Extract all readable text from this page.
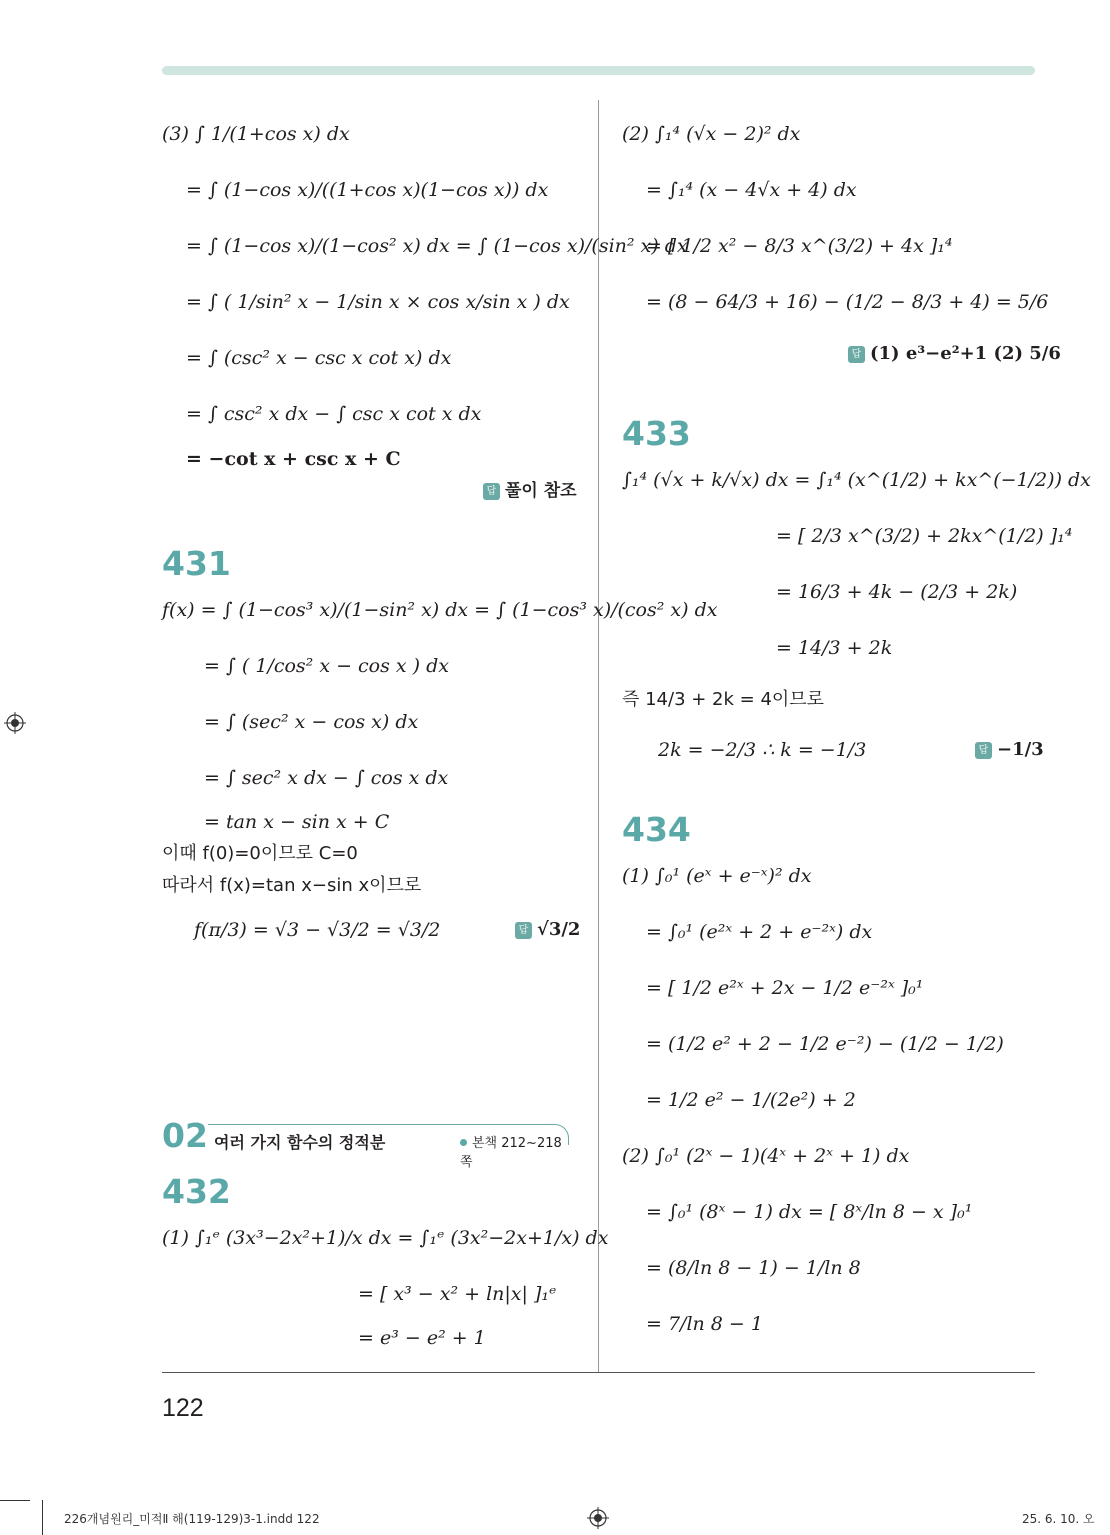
(3) ∫ 1/(1+cos x) dx
= ∫ (1−cos x)/((1+cos x)(1−cos x)) dx
= ∫ (1−cos x)/(1−cos² x) dx = ∫ (1−cos x)/(sin² x) dx
= ∫ ( 1/sin² x − 1/sin x × cos x/sin x ) dx
= ∫ (csc² x − csc x cot x) dx
= ∫ csc² x dx − ∫ csc x cot x dx
= −cot x + csc x + C
답 풀이 참조
431
f(x) = ∫ (1−cos³ x)/(1−sin² x) dx = ∫ (1−cos³ x)/(cos² x) dx
= ∫ ( 1/cos² x − cos x ) dx
= ∫ (sec² x − cos x) dx
= ∫ sec² x dx − ∫ cos x dx
= tan x − sin x + C
이때 f(0)=0이므로 C=0
따라서 f(x)=tan x−sin x이므로
f(π/3) = √3 − √3/2 = √3/2	답 √3/2
02 여러 가지 함수의 정적분	본책 212~218쪽
432
(1) ∫₁ᵉ (3x³−2x²+1)/x dx = ∫₁ᵉ (3x²−2x+1/x) dx
= [ x³ − x² + ln|x| ]₁ᵉ
= e³ − e² + 1
(2) ∫₁⁴ (√x − 2)² dx
= ∫₁⁴ (x − 4√x + 4) dx
= [ 1/2 x² − 8/3 x^(3/2) + 4x ]₁⁴
= (8 − 64/3 + 16) − (1/2 − 8/3 + 4) = 5/6
답 (1) e³−e²+1 (2) 5/6
433
∫₁⁴ (√x + k/√x) dx = ∫₁⁴ (x^(1/2) + kx^(−1/2)) dx
= [ 2/3 x^(3/2) + 2kx^(1/2) ]₁⁴
= 16/3 + 4k − (2/3 + 2k)
= 14/3 + 2k
즉 14/3 + 2k = 4이므로
2k = −2/3 ∴ k = −1/3	답 −1/3
434
(1) ∫₀¹ (eˣ + e⁻ˣ)² dx
= ∫₀¹ (e²ˣ + 2 + e⁻²ˣ) dx
= [ 1/2 e²ˣ + 2x − 1/2 e⁻²ˣ ]₀¹
= (1/2 e² + 2 − 1/2 e⁻²) − (1/2 − 1/2)
= 1/2 e² − 1/(2e²) + 2
(2) ∫₀¹ (2ˣ − 1)(4ˣ + 2ˣ + 1) dx
= ∫₀¹ (8ˣ − 1) dx = [ 8ˣ/ln 8 − x ]₀¹
= (8/ln 8 − 1) − 1/ln 8
= 7/ln 8 − 1
122
226개념원리_미적Ⅱ 해(119-129)3-1.indd 122	25. 6. 10. 오
